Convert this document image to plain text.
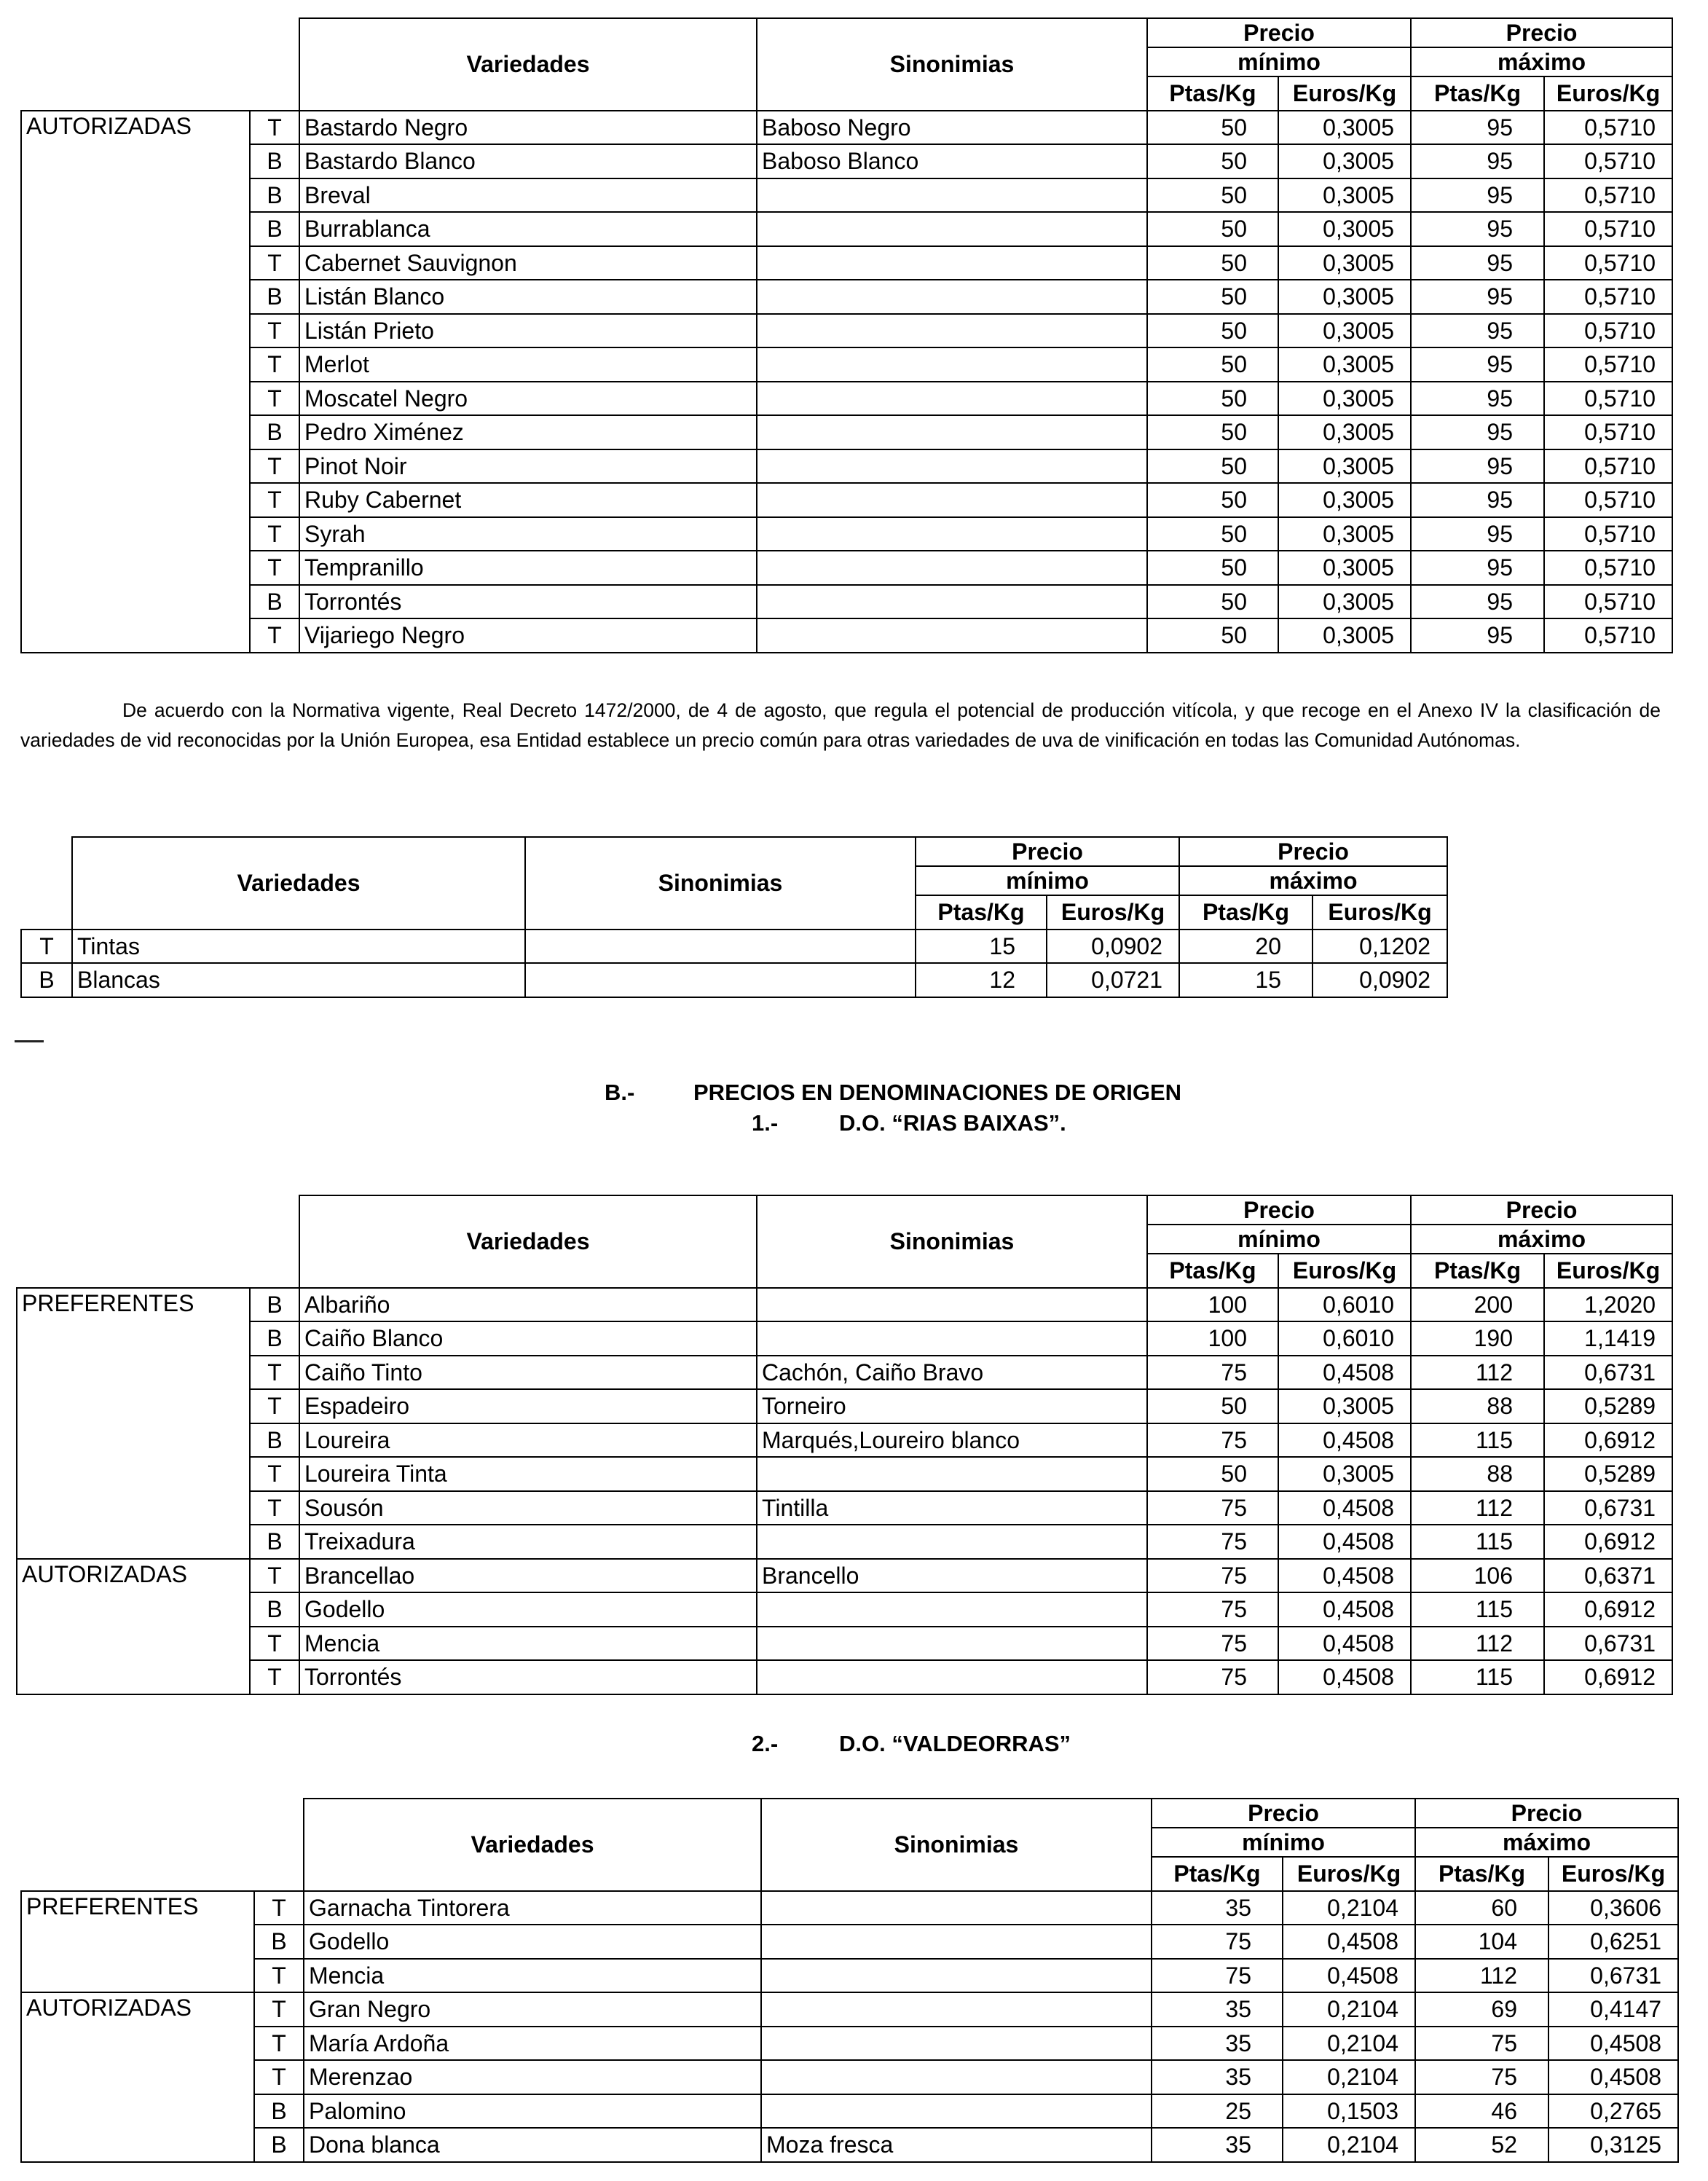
		Variedades	Sinonimias	Precio		Precio	
				mínimo		máximo	
				Ptas/Kg	Euros/Kg	Ptas/Kg	Euros/Kg
AUTORIZADAS	T	Bastardo Negro	Baboso Negro	50	0,3005	95	0,5710
	B	Bastardo Blanco	Baboso Blanco	50	0,3005	95	0,5710
	B	Breval		50	0,3005	95	0,5710
	B	Burrablanca		50	0,3005	95	0,5710
	T	Cabernet Sauvignon		50	0,3005	95	0,5710
	B	Listán Blanco		50	0,3005	95	0,5710
	T	Listán Prieto		50	0,3005	95	0,5710
	T	Merlot		50	0,3005	95	0,5710
	T	Moscatel Negro		50	0,3005	95	0,5710
	B	Pedro Ximénez		50	0,3005	95	0,5710
	T	Pinot Noir		50	0,3005	95	0,5710
	T	Ruby Cabernet		50	0,3005	95	0,5710
	T	Syrah		50	0,3005	95	0,5710
	T	Tempranillo		50	0,3005	95	0,5710
	B	Torrontés		50	0,3005	95	0,5710
	T	Vijariego Negro		50	0,3005	95	0,5710
De acuerdo con la Normativa vigente, Real Decreto 1472/2000, de 4 de agosto, que regula el potencial de producción vitícola, y que recoge en el Anexo IV la clasificación de variedades de vid reconocidas por la Unión Europea, esa Entidad establece un precio común para otras variedades de uva de vinificación en todas las Comunidad Autónomas.
	Variedades	Sinonimias	Precio		Precio	
			mínimo		máximo	
			Ptas/Kg	Euros/Kg	Ptas/Kg	Euros/Kg
T	Tintas		15	0,0902	20	0,1202
B	Blancas		12	0,0721	15	0,0902
B.-	PRECIOS EN DENOMINACIONES DE ORIGEN
1.-	D.O. “RIAS BAIXAS”.
		Variedades	Sinonimias	Precio		Precio	
				mínimo		máximo	
				Ptas/Kg	Euros/Kg	Ptas/Kg	Euros/Kg
PREFERENTES	B	Albariño		100	0,6010	200	1,2020
	B	Caiño Blanco		100	0,6010	190	1,1419
	T	Caiño Tinto	Cachón, Caiño Bravo	75	0,4508	112	0,6731
	T	Espadeiro	Torneiro	50	0,3005	88	0,5289
	B	Loureira	Marqués,Loureiro blanco	75	0,4508	115	0,6912
	T	Loureira Tinta		50	0,3005	88	0,5289
	T	Sousón	Tintilla	75	0,4508	112	0,6731
	B	Treixadura		75	0,4508	115	0,6912
AUTORIZADAS	T	Brancellao	Brancello	75	0,4508	106	0,6371
	B	Godello		75	0,4508	115	0,6912
	T	Mencia		75	0,4508	112	0,6731
	T	Torrontés		75	0,4508	115	0,6912
2.-	D.O. “VALDEORRAS”
		Variedades	Sinonimias	Precio		Precio	
				mínimo		máximo	
				Ptas/Kg	Euros/Kg	Ptas/Kg	Euros/Kg
PREFERENTES	T	Garnacha Tintorera		35	0,2104	60	0,3606
	B	Godello		75	0,4508	104	0,6251
	T	Mencia		75	0,4508	112	0,6731
AUTORIZADAS	T	Gran Negro		35	0,2104	69	0,4147
	T	María Ardoña		35	0,2104	75	0,4508
	T	Merenzao		35	0,2104	75	0,4508
	B	Palomino		25	0,1503	46	0,2765
	B	Dona blanca	Moza fresca	35	0,2104	52	0,3125
